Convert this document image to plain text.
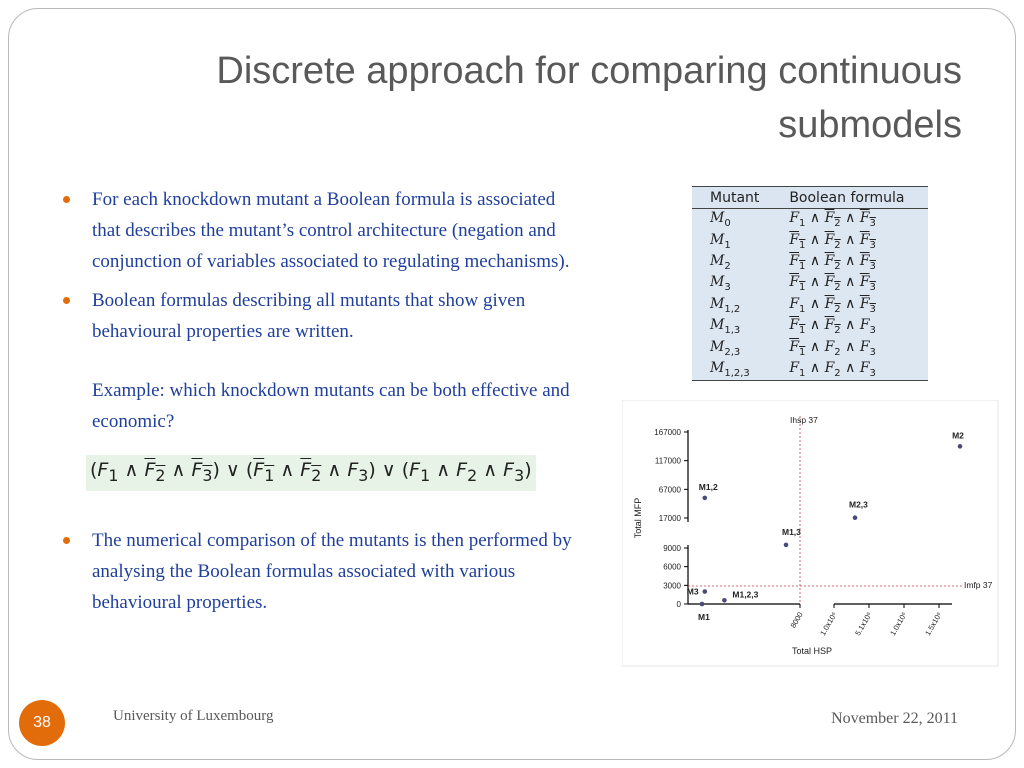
Discrete approach for comparing continuous
submodels
For each knockdown mutant a Boolean formula is associated that describes the mutant’s control architecture (negation and conjunction of variables associated to regulating mechanisms).
Boolean formulas describing all mutants that show given behavioural properties are written.
Example: which knockdown mutants can be both effective and economic?
($F_1$ ∧ $F_2$ ∧ $F_3$) ∨ ($F_1$ ∧ $F_2$ ∧ $F_3$) ∨ ($F_1$ ∧ $F_2$ ∧ $F_3$)
The numerical comparison of the mutants is then performed by analysing the Boolean formulas associated with various behavioural properties.
Mutant	Boolean formula
$M_0$	$F_1$ ∧ $F_2$ ∧ $F_3$
$M_1$	$F_1$ ∧ $F_2$ ∧ $F_3$
$M_2$	$F_1$ ∧ $F_2$ ∧ $F_3$
$M_3$	$F_1$ ∧ $F_2$ ∧ $F_3$
$M_{1,2}$	$F_1$ ∧ $F_2$ ∧ $F_3$
$M_{1,3}$	$F_1$ ∧ $F_2$ ∧ $F_3$
$M_{2,3}$	$F_1$ ∧ $F_2$ ∧ $F_3$
$M_{1,2,3}$	$F_1$ ∧ $F_2$ ∧ $F_3$
0
3000
6000
9000
17000
67000
117000
167000
8000 1.0x10⁶ 5.1x10⁶ 1.0x10⁶ 1.5x10⁶
Ihsp 37
Imfp 37
Total HSP
Total MFP
M2
M1,2
M2,3
M1,3
M3	M1,2,3
M1
38	University of Luxembourg	November 22, 2011
